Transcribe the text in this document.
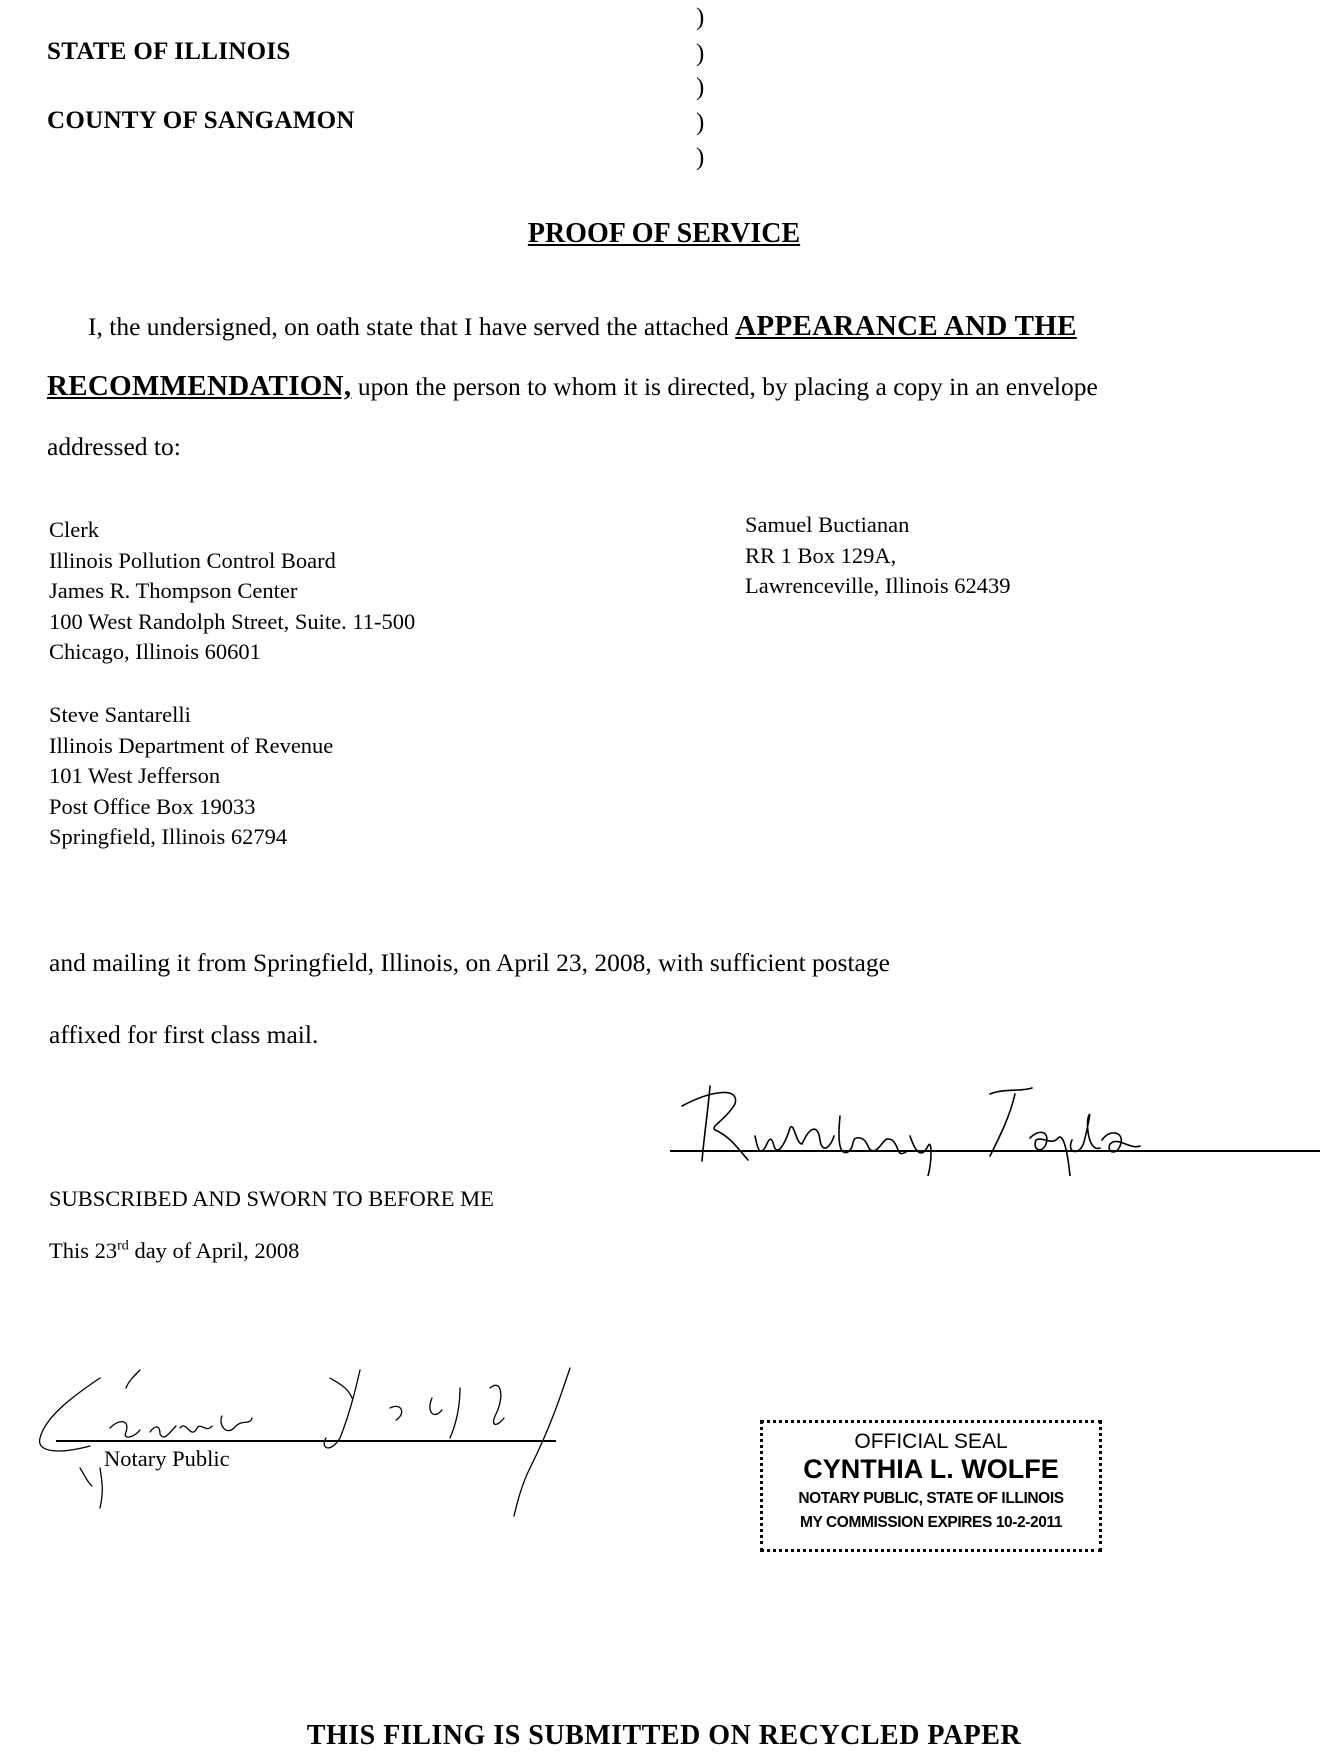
STATE OF ILLINOIS
COUNTY OF SANGAMON
)
)
)
)
)
PROOF OF SERVICE
I, the undersigned, on oath state that I have served the attached APPEARANCE AND THE
RECOMMENDATION, upon the person to whom it is directed, by placing a copy in an envelope
addressed to:
Clerk
Illinois Pollution Control Board
James R. Thompson Center
100 West Randolph Street, Suite. 11-500
Chicago, Illinois 60601
Samuel Buctianan
RR 1 Box 129A,
Lawrenceville, Illinois 62439
Steve Santarelli
Illinois Department of Revenue
101 West Jefferson
Post Office Box 19033
Springfield, Illinois 62794
and mailing it from Springfield, Illinois, on April 23, 2008, with sufficient postage
affixed for first class mail.
SUBSCRIBED AND SWORN TO BEFORE ME
This 23rd day of April, 2008
Notary Public
OFFICIAL SEAL
CYNTHIA L. WOLFE
NOTARY PUBLIC, STATE OF ILLINOIS
MY COMMISSION EXPIRES 10-2-2011
THIS FILING IS SUBMITTED ON RECYCLED PAPER
